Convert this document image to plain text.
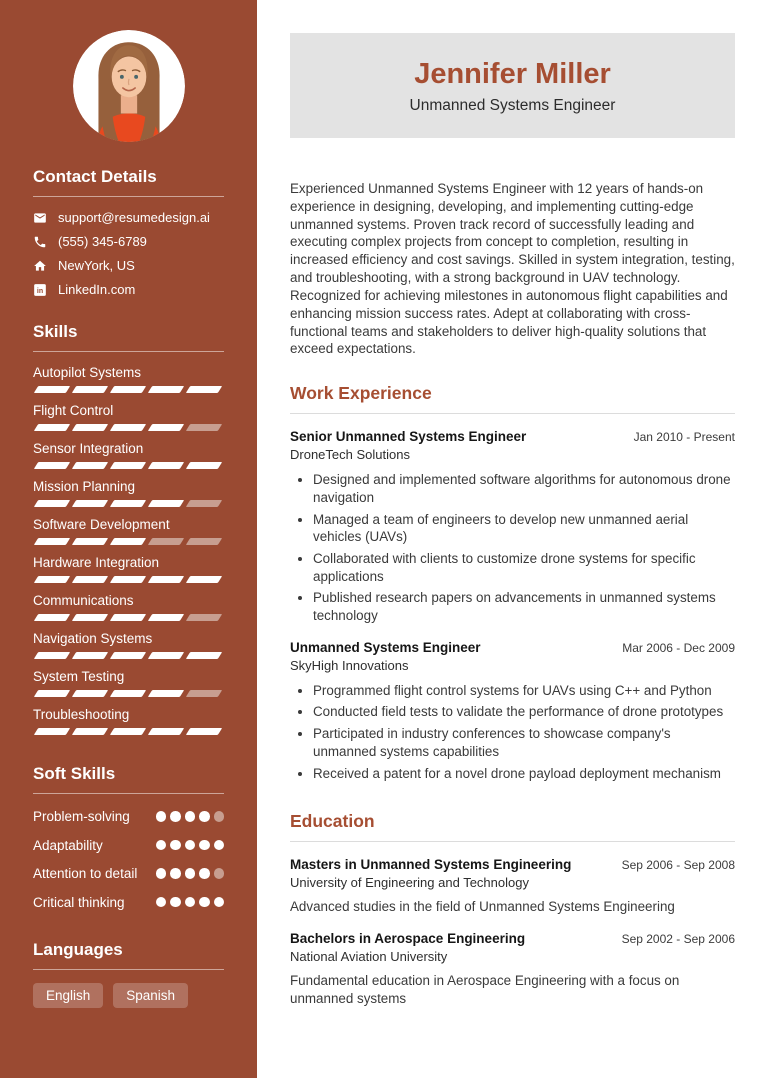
Contact Details
support@resumedesign.ai
(555) 345-6789
NewYork, US
LinkedIn.com
Skills
Autopilot Systems
Flight Control
Sensor Integration
Mission Planning
Software Development
Hardware Integration
Communications
Navigation Systems
System Testing
Troubleshooting
Soft Skills
Problem-solving
Adaptability
Attention to detail
Critical thinking
Languages
English	Spanish
Jennifer Miller

Unmanned Systems Engineer

Experienced Unmanned Systems Engineer with 12 years of hands-on experience in designing, developing, and implementing cutting-edge unmanned systems. Proven track record of successfully leading and executing complex projects from concept to completion, resulting in increased efficiency and cost savings. Skilled in system integration, testing, and troubleshooting, with a strong background in UAV technology. Recognized for achieving milestones in autonomous flight capabilities and enhancing mission success rates. Adept at collaborating with cross-functional teams and stakeholders to deliver high-quality solutions that exceed expectations.

Work Experience
Senior Unmanned Systems Engineer	Jan 2010 - Present
DroneTech Solutions
• Designed and implemented software algorithms for autonomous drone navigation
• Managed a team of engineers to develop new unmanned aerial vehicles (UAVs)
• Collaborated with clients to customize drone systems for specific applications
• Published research papers on advancements in unmanned systems technology
Unmanned Systems Engineer	Mar 2006 - Dec 2009
SkyHigh Innovations
• Programmed flight control systems for UAVs using C++ and Python
• Conducted field tests to validate the performance of drone prototypes
• Participated in industry conferences to showcase company's unmanned systems capabilities
• Received a patent for a novel drone payload deployment mechanism
Education
Masters in Unmanned Systems Engineering	Sep 2006 - Sep 2008
University of Engineering and Technology

Advanced studies in the field of Unmanned Systems Engineering

Bachelors in Aerospace Engineering	Sep 2002 - Sep 2006
National Aviation University

Fundamental education in Aerospace Engineering with a focus on unmanned systems
